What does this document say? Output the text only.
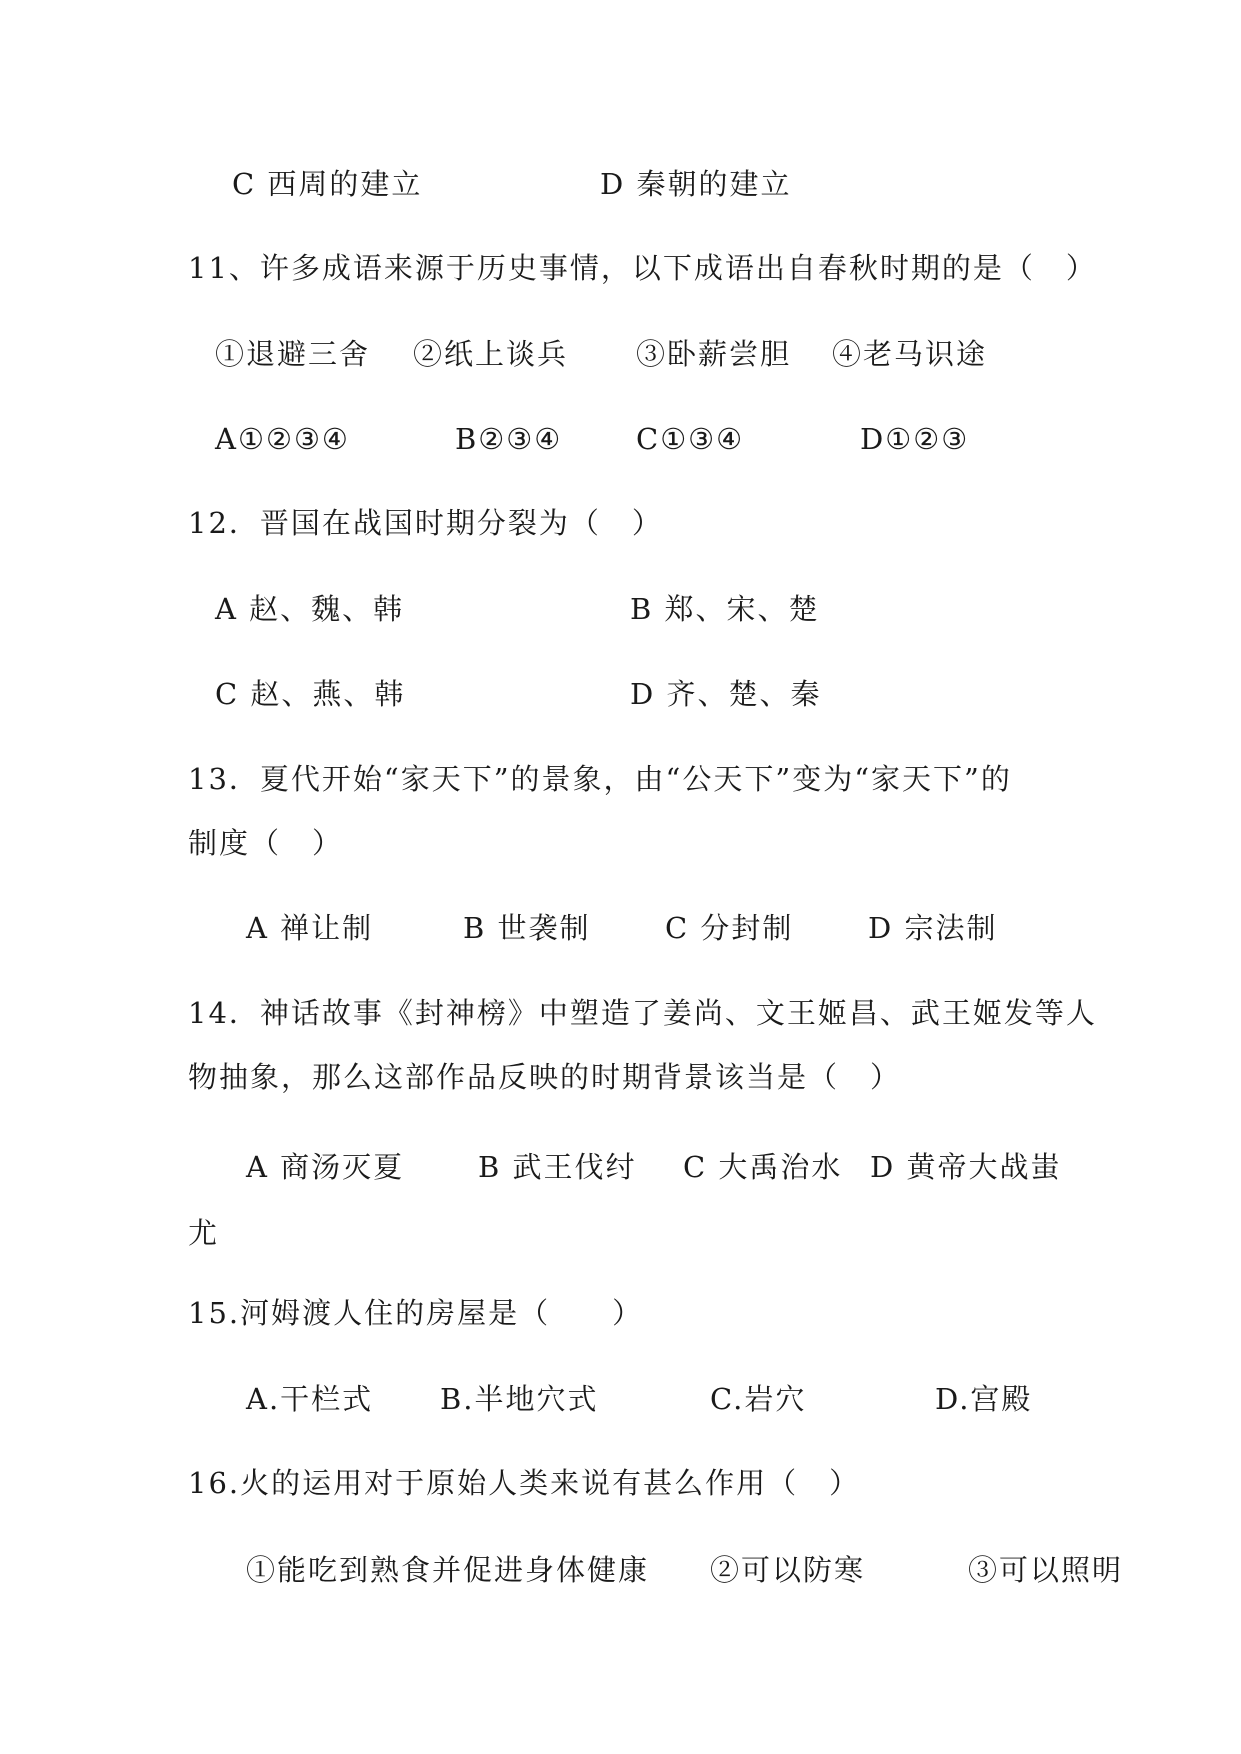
C 西周的建立	D 秦朝的建立
11、许多成语来源于历史事情，以下成语出自春秋时期的是（　）
①退避三舍 ②纸上谈兵 ③卧薪尝胆 ④老马识途
A①②③④	B②③④	C①③④	D①②③
12．晋国在战国时期分裂为（　）
A 赵、魏、韩	B 郑、宋、楚
C 赵、燕、韩	D 齐、楚、秦
13．夏代开始“家天下”的景象，由“公天下”变为“家天下”的
制度（　）
A 禅让制	B 世袭制	C 分封制	D 宗法制
14．神话故事《封神榜》中塑造了姜尚、文王姬昌、武王姬发等人
物抽象，那么这部作品反映的时期背景该当是（　）
A 商汤灭夏	B 武王伐纣 C 大禹治水 D 黄帝大战蚩
尤
15.河姆渡人住的房屋是（　　）
A.干栏式 B.半地穴式	C.岩穴	D.宫殿
16.火的运用对于原始人类来说有甚么作用（　）
①能吃到熟食并促进身体健康 ②可以防寒	③可以照明
